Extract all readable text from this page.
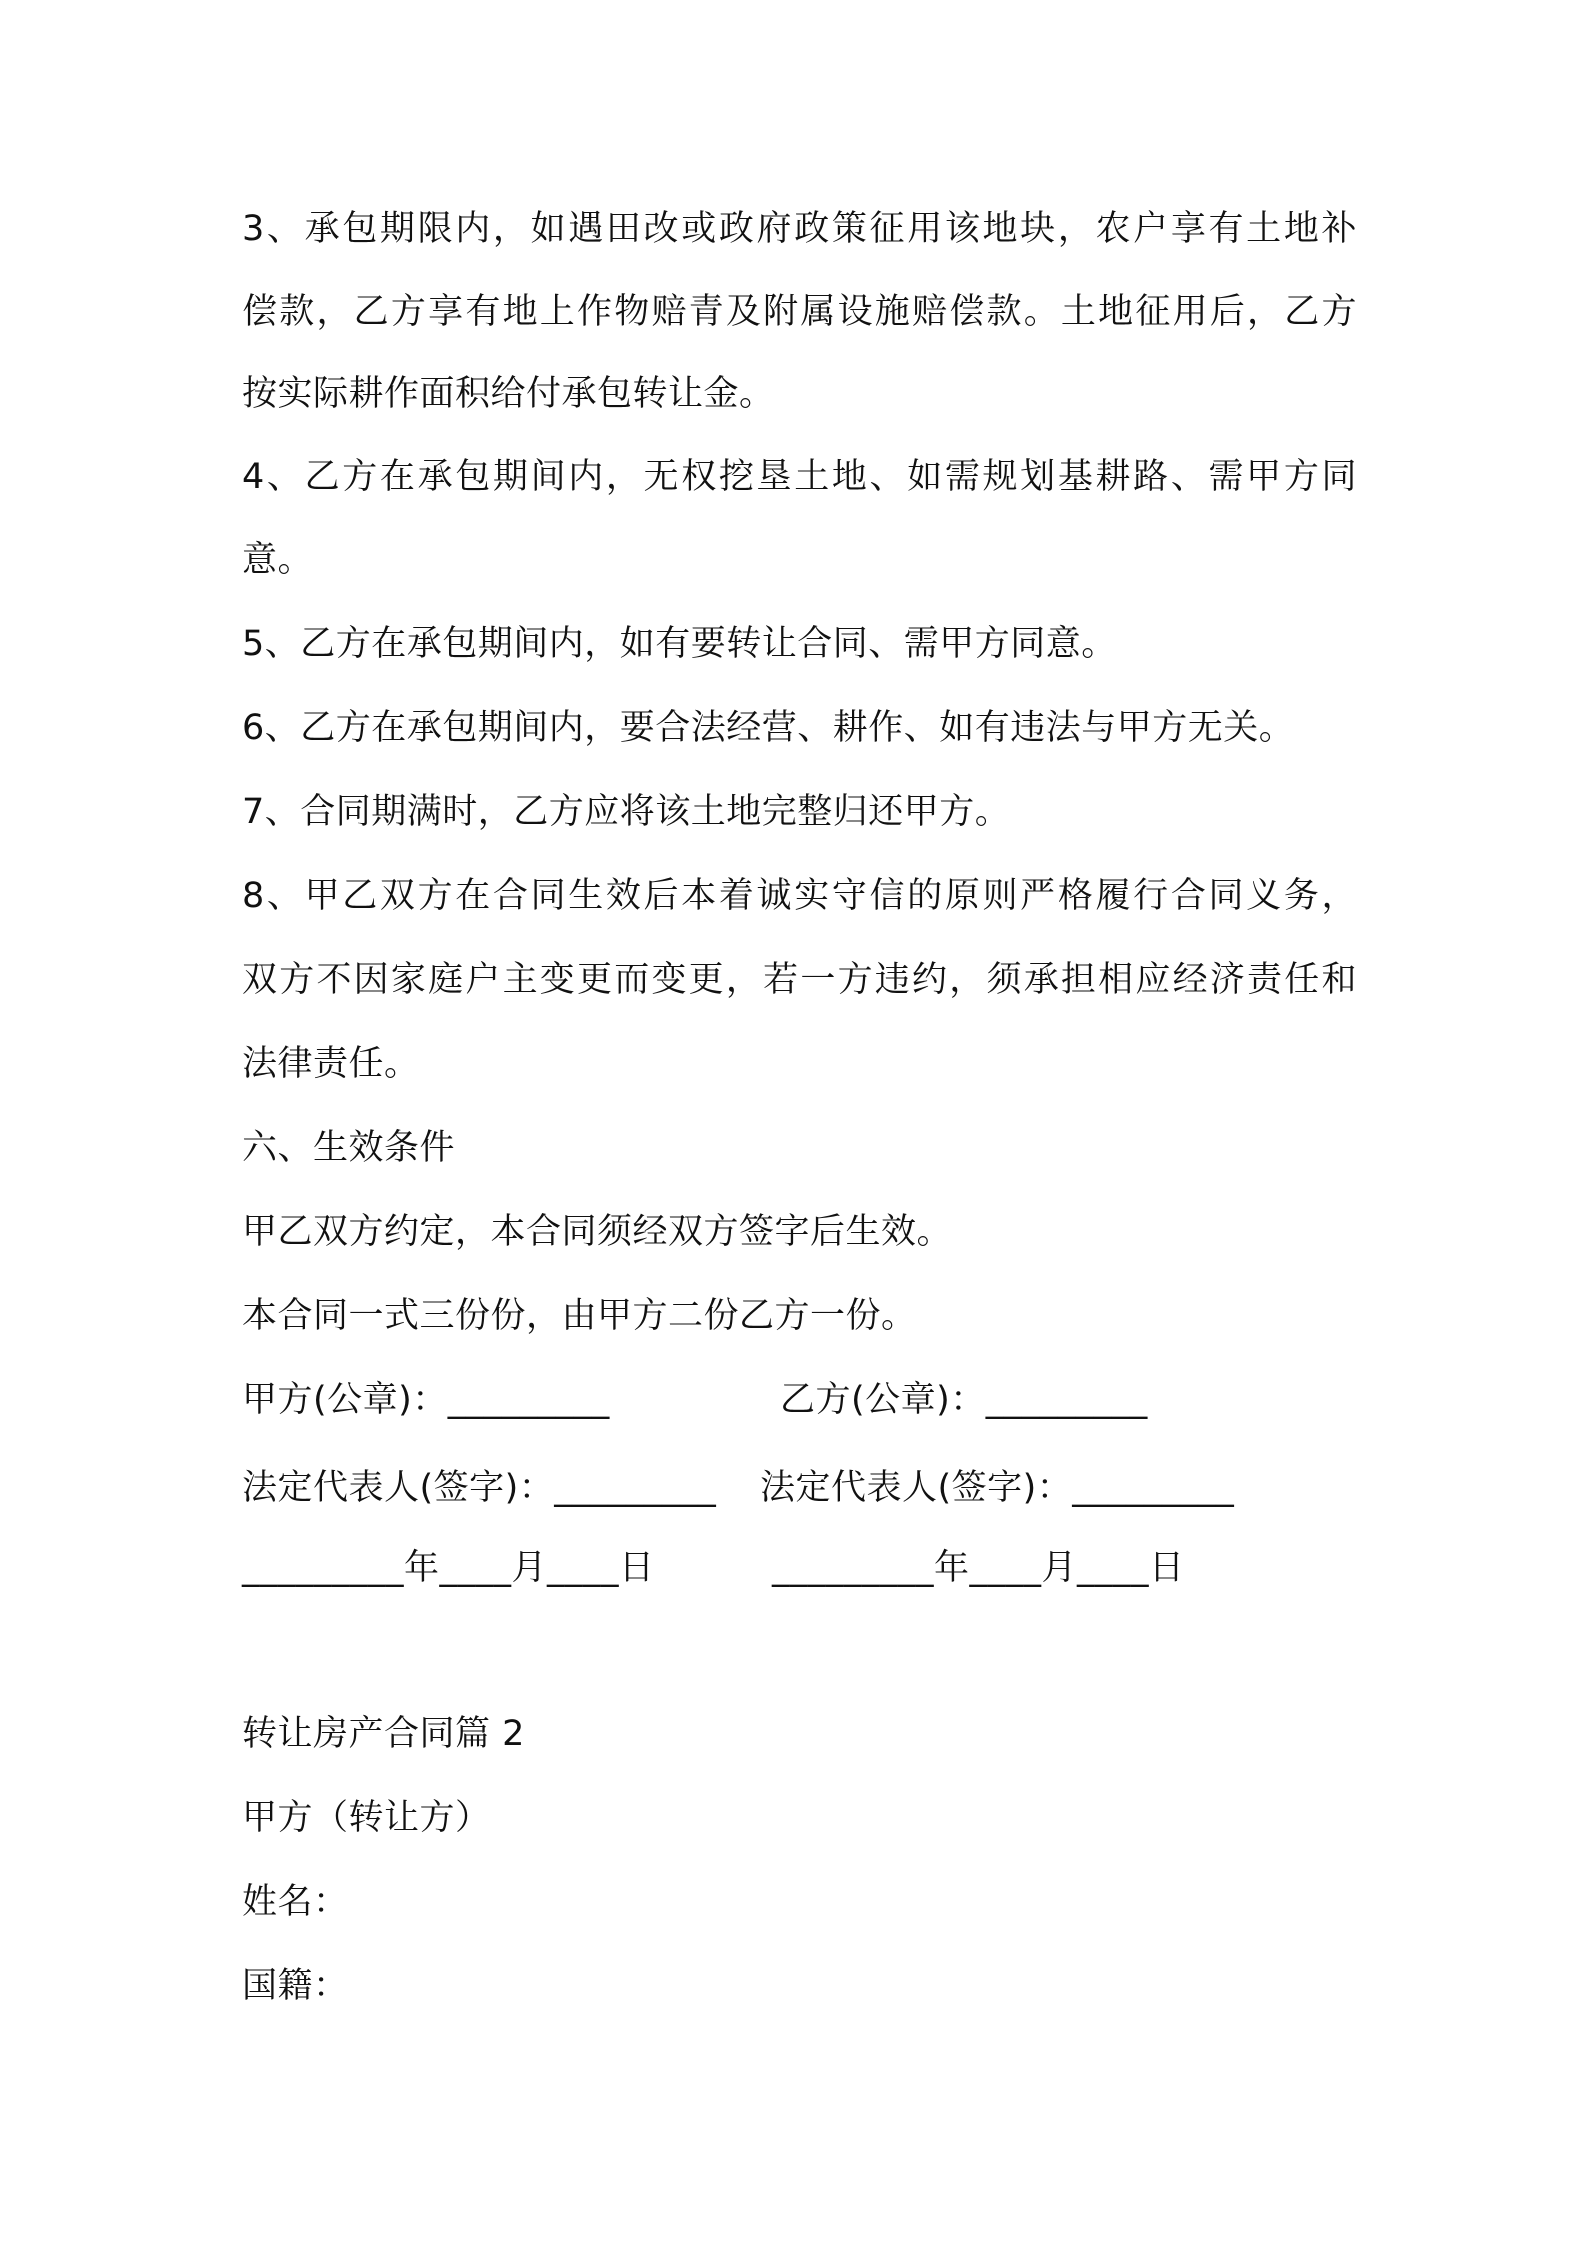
3、承包期限内，如遇田改或政府政策征用该地块，农户享有土地补
偿款，乙方享有地上作物赔青及附属设施赔偿款。土地征用后，乙方
按实际耕作面积给付承包转让金。
4、乙方在承包期间内，无权挖垦土地、如需规划基耕路、需甲方同
意。
5、乙方在承包期间内，如有要转让合同、需甲方同意。
6、乙方在承包期间内，要合法经营、耕作、如有违法与甲方无关。
7、合同期满时，乙方应将该土地完整归还甲方。
8、甲乙双方在合同生效后本着诚实守信的原则严格履行合同义务，
双方不因家庭户主变更而变更，若一方违约，须承担相应经济责任和
法律责任。
六、生效条件
甲乙双方约定，本合同须经双方签字后生效。
本合同一式三份份，由甲方二份乙方一份。
甲方(公章)：_________	乙方(公章)：_________
法定代表人(签字)：_________ 法定代表人(签字)：_________
_________年____月____日	_________年____月____日
转让房产合同篇 2
甲方（转让方）
姓名：
国籍：
